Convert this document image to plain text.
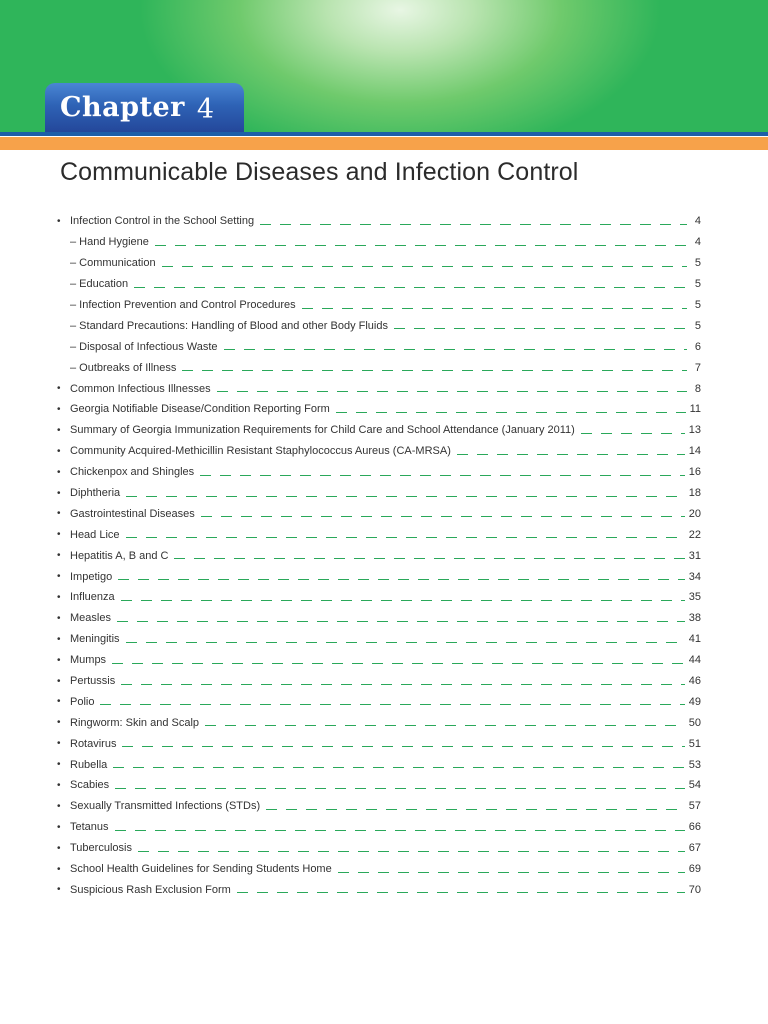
Chapter 4
Communicable Diseases and Infection Control
• Infection Control in the School Setting	4
– Hand Hygiene	4
– Communication	5
– Education	5
– Infection Prevention and Control Procedures	5
– Standard Precautions: Handling of Blood and other Body Fluids	5
– Disposal of Infectious Waste	6
– Outbreaks of Illness	7
• Common Infectious Illnesses	8
• Georgia Notifiable Disease/Condition Reporting Form	11
• Summary of Georgia Immunization Requirements for Child Care and School Attendance (January 2011)	13
• Community Acquired-Methicillin Resistant Staphylococcus Aureus (CA-MRSA)	14
• Chickenpox and Shingles	16
• Diphtheria	18
• Gastrointestinal Diseases	20
• Head Lice	22
• Hepatitis A, B and C	31
• Impetigo	34
• Influenza	35
• Measles	38
• Meningitis	41
• Mumps	44
• Pertussis	46
• Polio	49
• Ringworm: Skin and Scalp	50
• Rotavirus	51
• Rubella	53
• Scabies	54
• Sexually Transmitted Infections (STDs)	57
• Tetanus	66
• Tuberculosis	67
• School Health Guidelines for Sending Students Home	69
• Suspicious Rash Exclusion Form	70
